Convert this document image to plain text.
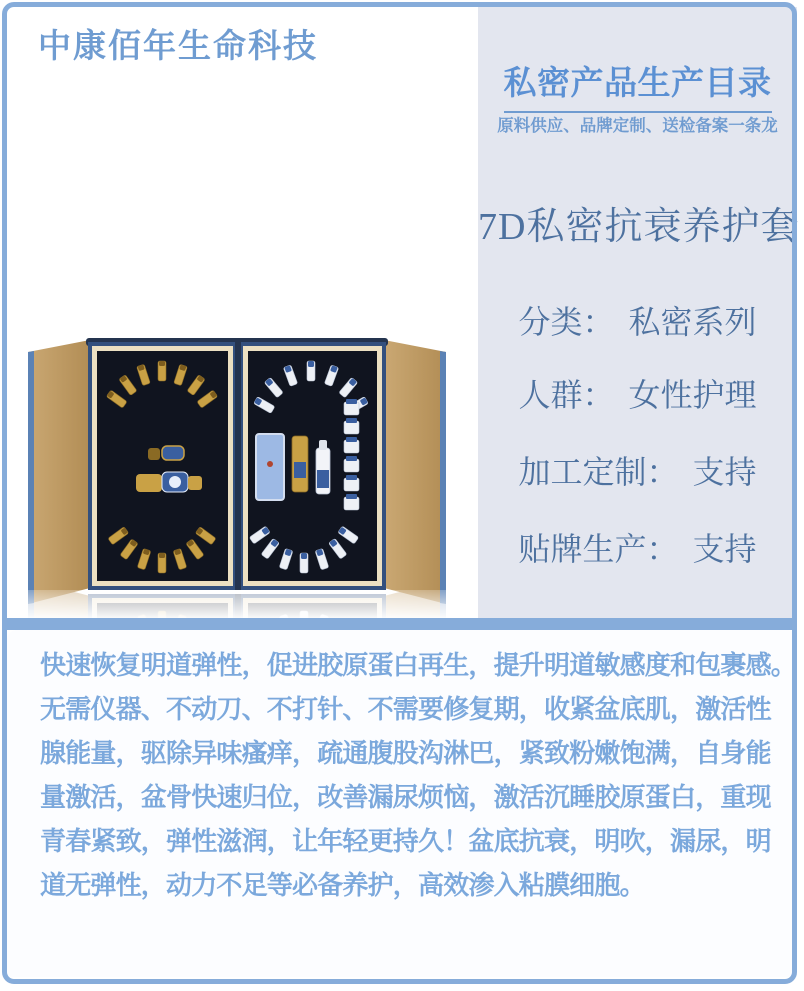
中康佰年生命科技
私密产品生产目录
原料供应、品牌定制、送检备案一条龙
7D私密抗衰养护套
分类： 私密系列
人群： 女性护理
加工定制： 支持
贴牌生产： 支持
快速恢复明道弹性，促进胶原蛋白再生，提升明道敏感度和包裹感。
无需仪器、不动刀、不打针、不需要修复期，收紧盆底肌，激活性
腺能量，驱除异味瘙痒，疏通腹股沟淋巴，紧致粉嫩饱满，自身能
量激活，盆骨快速归位，改善漏尿烦恼，激活沉睡胶原蛋白，重现
青春紧致，弹性滋润，让年轻更持久！盆底抗衰，明吹，漏尿，明
道无弹性，动力不足等必备养护，高效渗入粘膜细胞。
